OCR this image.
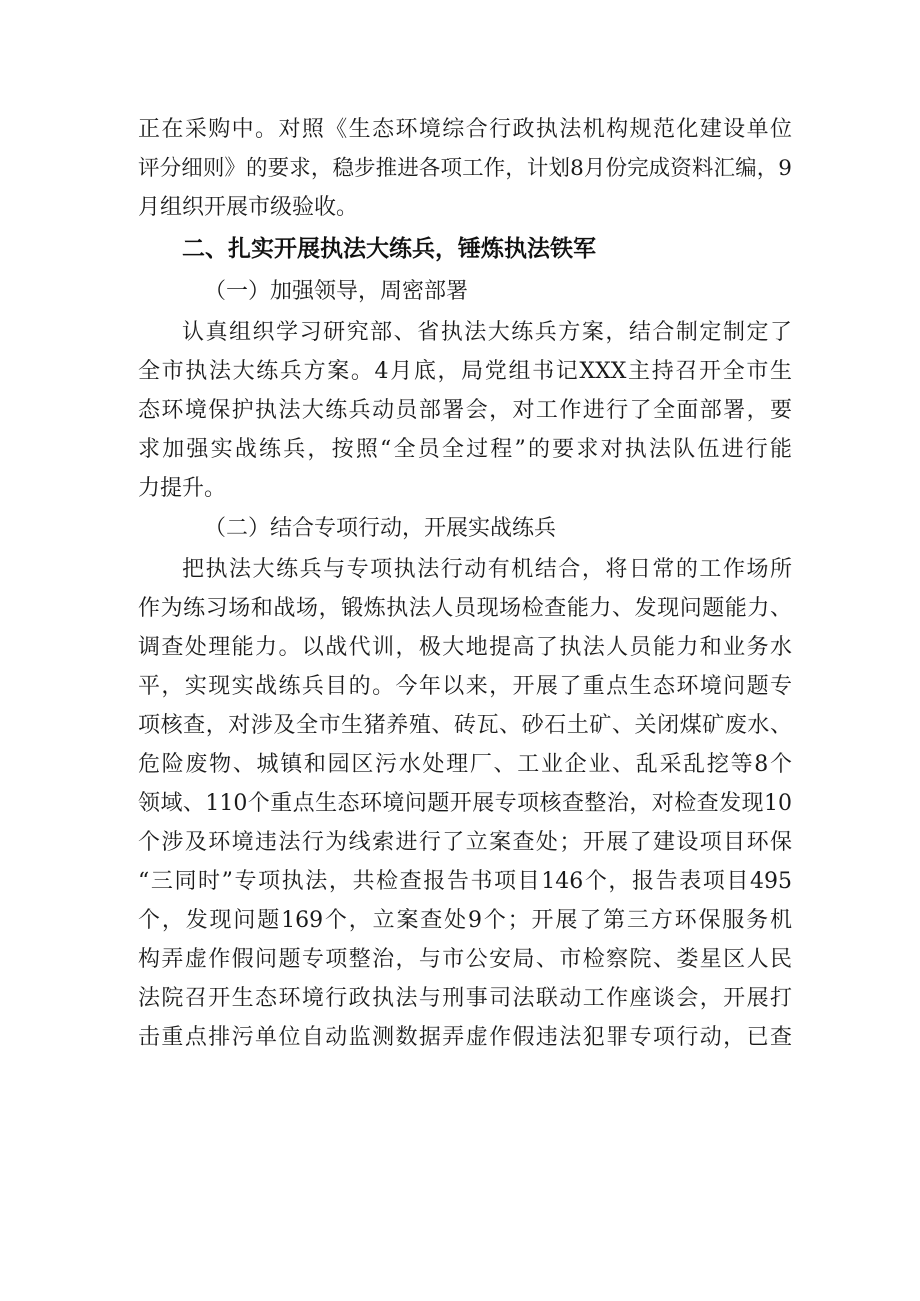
正在采购中。对照《生态环境综合行政执法机构规范化建设单位
评分细则》的要求，稳步推进各项工作，计划8月份完成资料汇编，9
月组织开展市级验收。
二、扎实开展执法大练兵，锤炼执法铁军
（一）加强领导，周密部署
认真组织学习研究部、省执法大练兵方案，结合制定制定了
全市执法大练兵方案。4月底，局党组书记XXX主持召开全市生
态环境保护执法大练兵动员部署会，对工作进行了全面部署，要
求加强实战练兵，按照“全员全过程”的要求对执法队伍进行能
力提升。
（二）结合专项行动，开展实战练兵
把执法大练兵与专项执法行动有机结合，将日常的工作场所
作为练习场和战场，锻炼执法人员现场检查能力、发现问题能力、
调查处理能力。以战代训，极大地提高了执法人员能力和业务水
平，实现实战练兵目的。今年以来，开展了重点生态环境问题专
项核查，对涉及全市生猪养殖、砖瓦、砂石土矿、关闭煤矿废水、
危险废物、城镇和园区污水处理厂、工业企业、乱采乱挖等8个
领域、110个重点生态环境问题开展专项核查整治，对检查发现10
个涉及环境违法行为线索进行了立案查处；开展了建设项目环保
“三同时”专项执法，共检查报告书项目146个，报告表项目495
个，发现问题169个，立案查处9个；开展了第三方环保服务机
构弄虚作假问题专项整治，与市公安局、市检察院、娄星区人民
法院召开生态环境行政执法与刑事司法联动工作座谈会，开展打
击重点排污单位自动监测数据弄虚作假违法犯罪专项行动，已查
